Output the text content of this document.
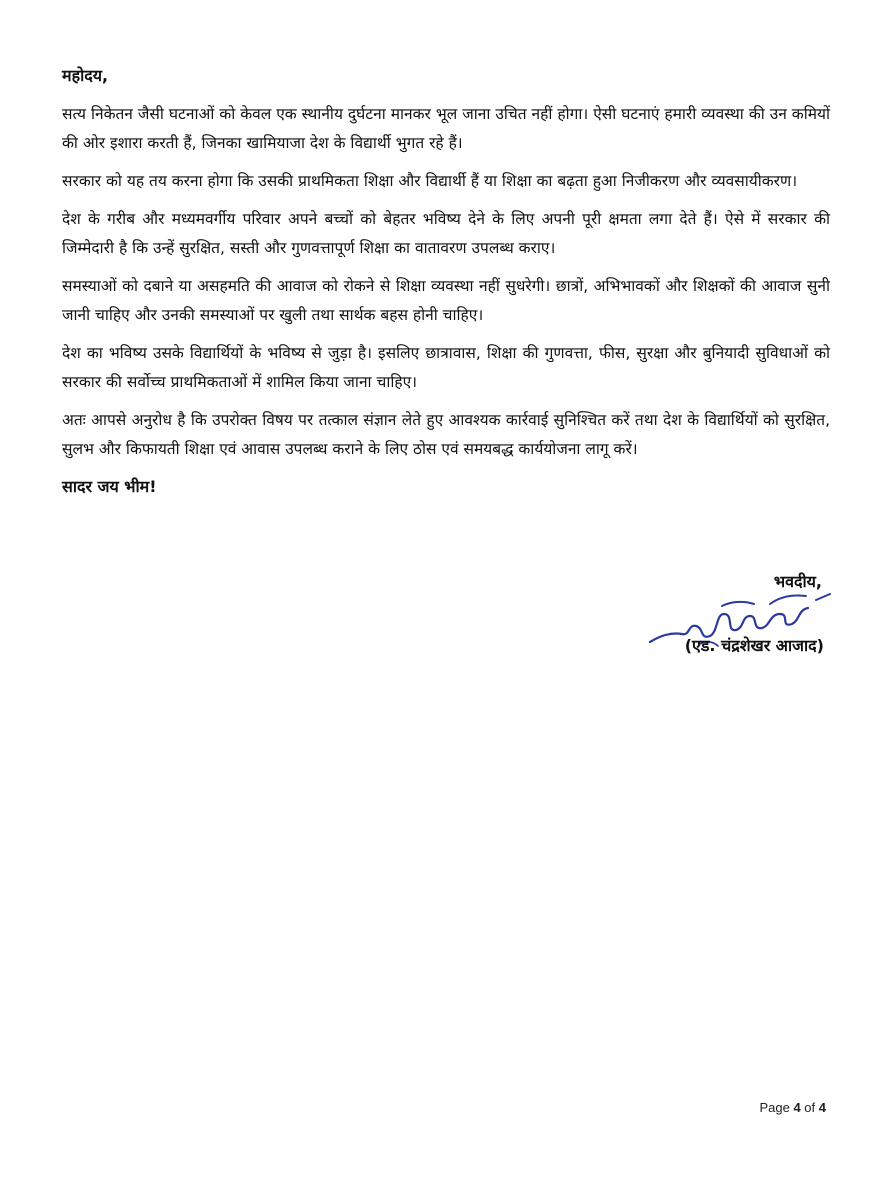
महोदय,

सत्य निकेतन जैसी घटनाओं को केवल एक स्थानीय दुर्घटना मानकर भूल जाना उचित नहीं होगा। ऐसी घटनाएं हमारी व्यवस्था की उन कमियों की ओर इशारा करती हैं, जिनका खामियाजा देश के विद्यार्थी भुगत रहे हैं।

सरकार को यह तय करना होगा कि उसकी प्राथमिकता शिक्षा और विद्यार्थी हैं या शिक्षा का बढ़ता हुआ निजीकरण और व्यवसायीकरण।

देश के गरीब और मध्यमवर्गीय परिवार अपने बच्चों को बेहतर भविष्य देने के लिए अपनी पूरी क्षमता लगा देते हैं। ऐसे में सरकार की जिम्मेदारी है कि उन्हें सुरक्षित, सस्ती और गुणवत्तापूर्ण शिक्षा का वातावरण उपलब्ध कराए।

समस्याओं को दबाने या असहमति की आवाज को रोकने से शिक्षा व्यवस्था नहीं सुधरेगी। छात्रों, अभिभावकों और शिक्षकों की आवाज सुनी जानी चाहिए और उनकी समस्याओं पर खुली तथा सार्थक बहस होनी चाहिए।

देश का भविष्य उसके विद्यार्थियों के भविष्य से जुड़ा है। इसलिए छात्रावास, शिक्षा की गुणवत्ता, फीस, सुरक्षा और बुनियादी सुविधाओं को सरकार की सर्वोच्च प्राथमिकताओं में शामिल किया जाना चाहिए।

अतः आपसे अनुरोध है कि उपरोक्त विषय पर तत्काल संज्ञान लेते हुए आवश्यक कार्रवाई सुनिश्चित करें तथा देश के विद्यार्थियों को सुरक्षित, सुलभ और किफायती शिक्षा एवं आवास उपलब्ध कराने के लिए ठोस एवं समयबद्ध कार्ययोजना लागू करें।

सादर जय भीम!
भवदीय,
(एड. चंद्रशेखर आजाद)
Page 4 of 4
